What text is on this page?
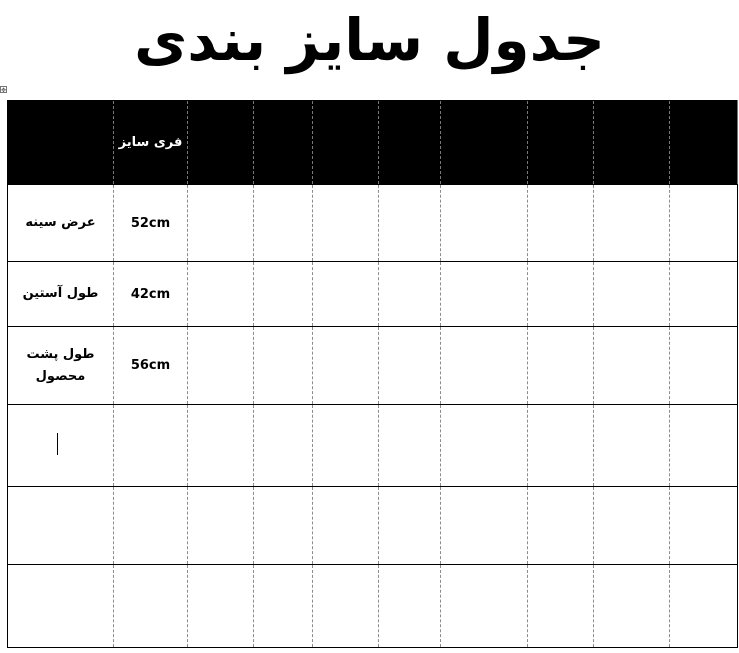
جدول سایز بندی
✥
	فری سایز								
عرض سینه	52cm								
طول آستین	42cm								
طول پشت محصول	56cm								
